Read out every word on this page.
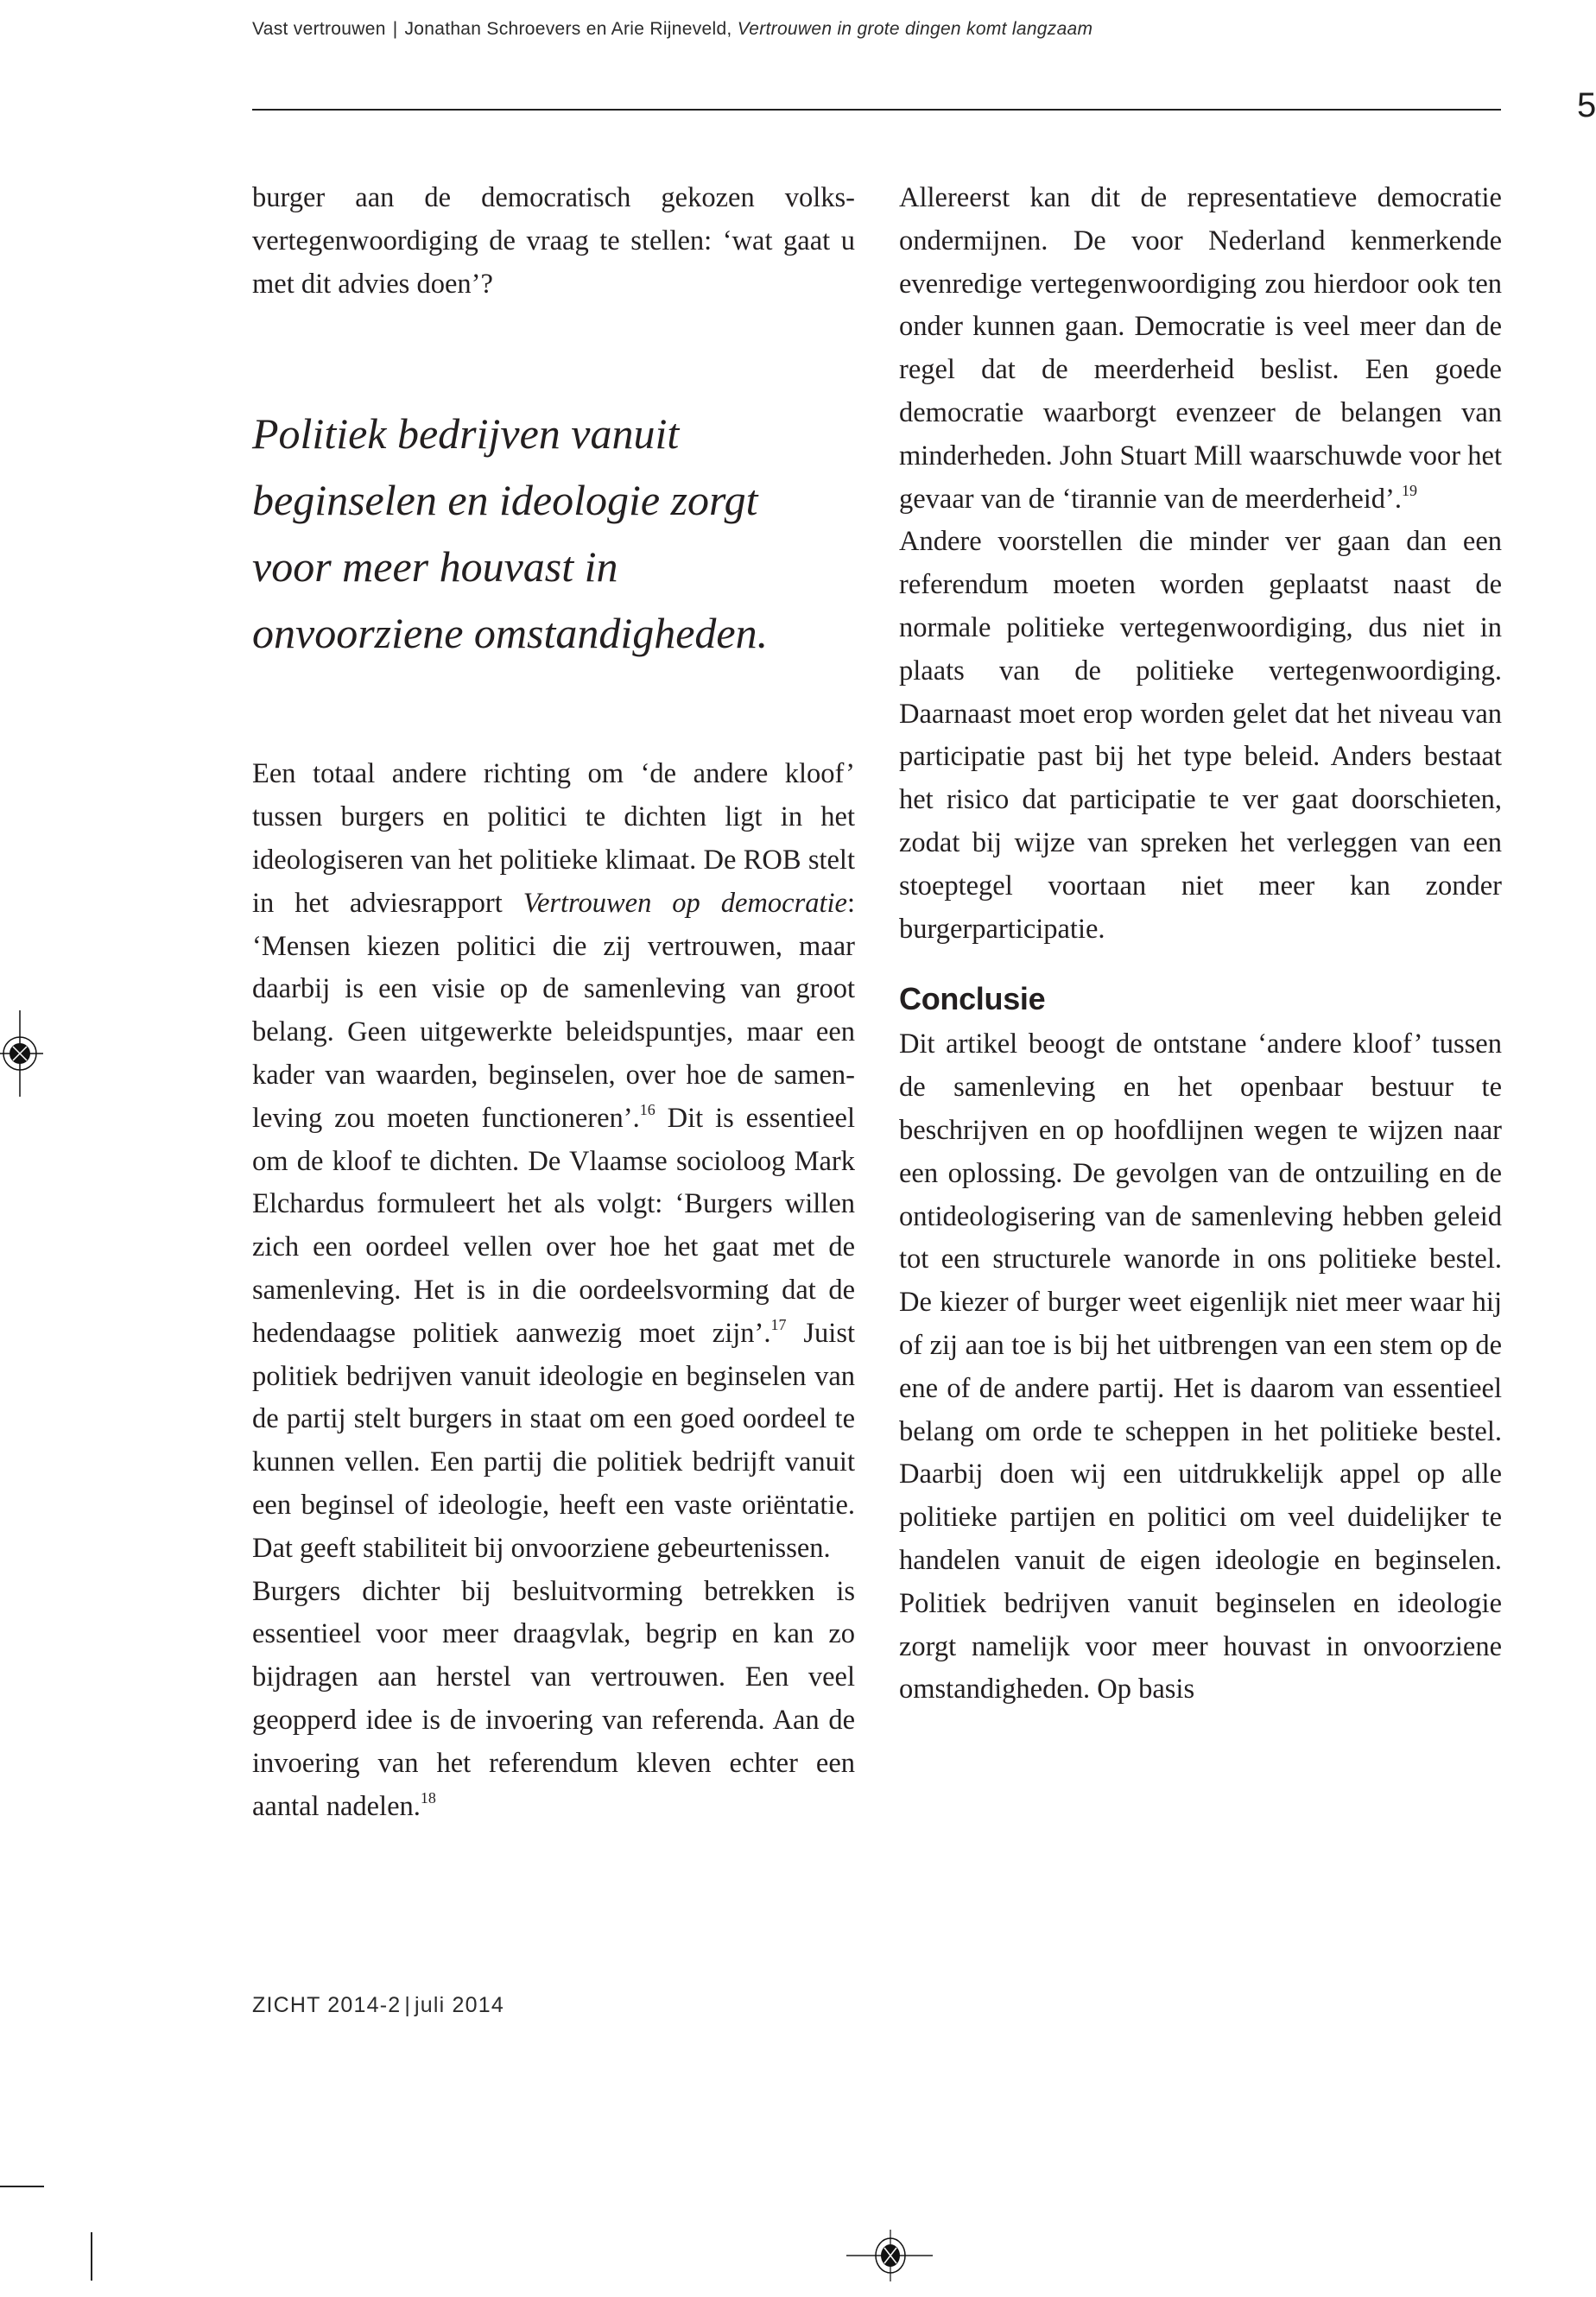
Vast vertrouwen | Jonathan Schroevers en Arie Rijneveld, Vertrouwen in grote dingen komt langzaam
5

burger aan de democratisch gekozen volksvertegenwoordiging de vraag te stellen: ‘wat gaat u met dit advies doen’?

Politiek bedrijven vanuit beginselen en ideologie zorgt voor meer houvast in onvoorziene omstandigheden.

Een totaal andere richting om ‘de andere kloof’ tussen burgers en politici te dichten ligt in het ideologiseren van het politieke klimaat. De ROB stelt in het adviesrapport Vertrouwen op democratie: ‘Mensen kiezen politici die zij vertrouwen, maar daarbij is een visie op de samenleving van groot belang. Geen uitgewerkte beleidspuntjes, maar een kader van waarden, beginselen, over hoe de samenleving zou moeten functioneren’.$^{16}$ Dit is essentieel om de kloof te dichten. De Vlaamse socioloog Mark Elchardus formuleert het als volgt: ‘Burgers willen zich een oordeel vellen over hoe het gaat met de samenleving. Het is in die oordeelsvorming dat de hedendaagse politiek aanwezig moet zijn’.$^{17}$ Juist politiek bedrijven vanuit ideologie en beginselen van de partij stelt burgers in staat om een goed oordeel te kunnen vellen. Een partij die politiek bedrijft vanuit een beginsel of ideologie, heeft een vaste oriëntatie. Dat geeft stabiliteit bij onvoorziene gebeurtenissen.

Burgers dichter bij besluitvorming betrekken is essentieel voor meer draagvlak, begrip en kan zo bijdragen aan herstel van vertrouwen. Een veel geopperd idee is de invoering van referenda. Aan de invoering van het referendum kleven echter een aantal nadelen.$^{18}$

Allereerst kan dit de representatieve democratie ondermijnen. De voor Nederland kenmerkende evenredige vertegenwoordiging zou hierdoor ook ten onder kunnen gaan. Democratie is veel meer dan de regel dat de meerderheid beslist. Een goede democratie waarborgt evenzeer de belangen van minderheden. John Stuart Mill waarschuwde voor het gevaar van de ‘tirannie van de meerderheid’.$^{19}$

Andere voorstellen die minder ver gaan dan een referendum moeten worden geplaatst naast de normale politieke vertegenwoordiging, dus niet in plaats van de politieke vertegenwoordiging. Daarnaast moet erop worden gelet dat het niveau van participatie past bij het type beleid. Anders bestaat het risico dat participatie te ver gaat doorschieten, zodat bij wijze van spreken het verleggen van een stoeptegel voortaan niet meer kan zonder burgerparticipatie.

Conclusie

Dit artikel beoogt de ontstane ‘andere kloof’ tussen de samenleving en het openbaar bestuur te beschrijven en op hoofdlijnen wegen te wijzen naar een oplossing. De gevolgen van de ontzuiling en de ontideologisering van de samenleving hebben geleid tot een structurele wanorde in ons politieke bestel. De kiezer of burger weet eigenlijk niet meer waar hij of zij aan toe is bij het uitbrengen van een stem op de ene of de andere partij. Het is daarom van essentieel belang om orde te scheppen in het politieke bestel. Daarbij doen wij een uitdrukkelijk appel op alle politieke partijen en politici om veel duidelijker te handelen vanuit de eigen ideologie en beginselen. Politiek bedrijven vanuit beginselen en ideologie zorgt namelijk voor meer houvast in onvoorziene omstandigheden. Op basis

ZICHT 2014-2 | juli 2014
